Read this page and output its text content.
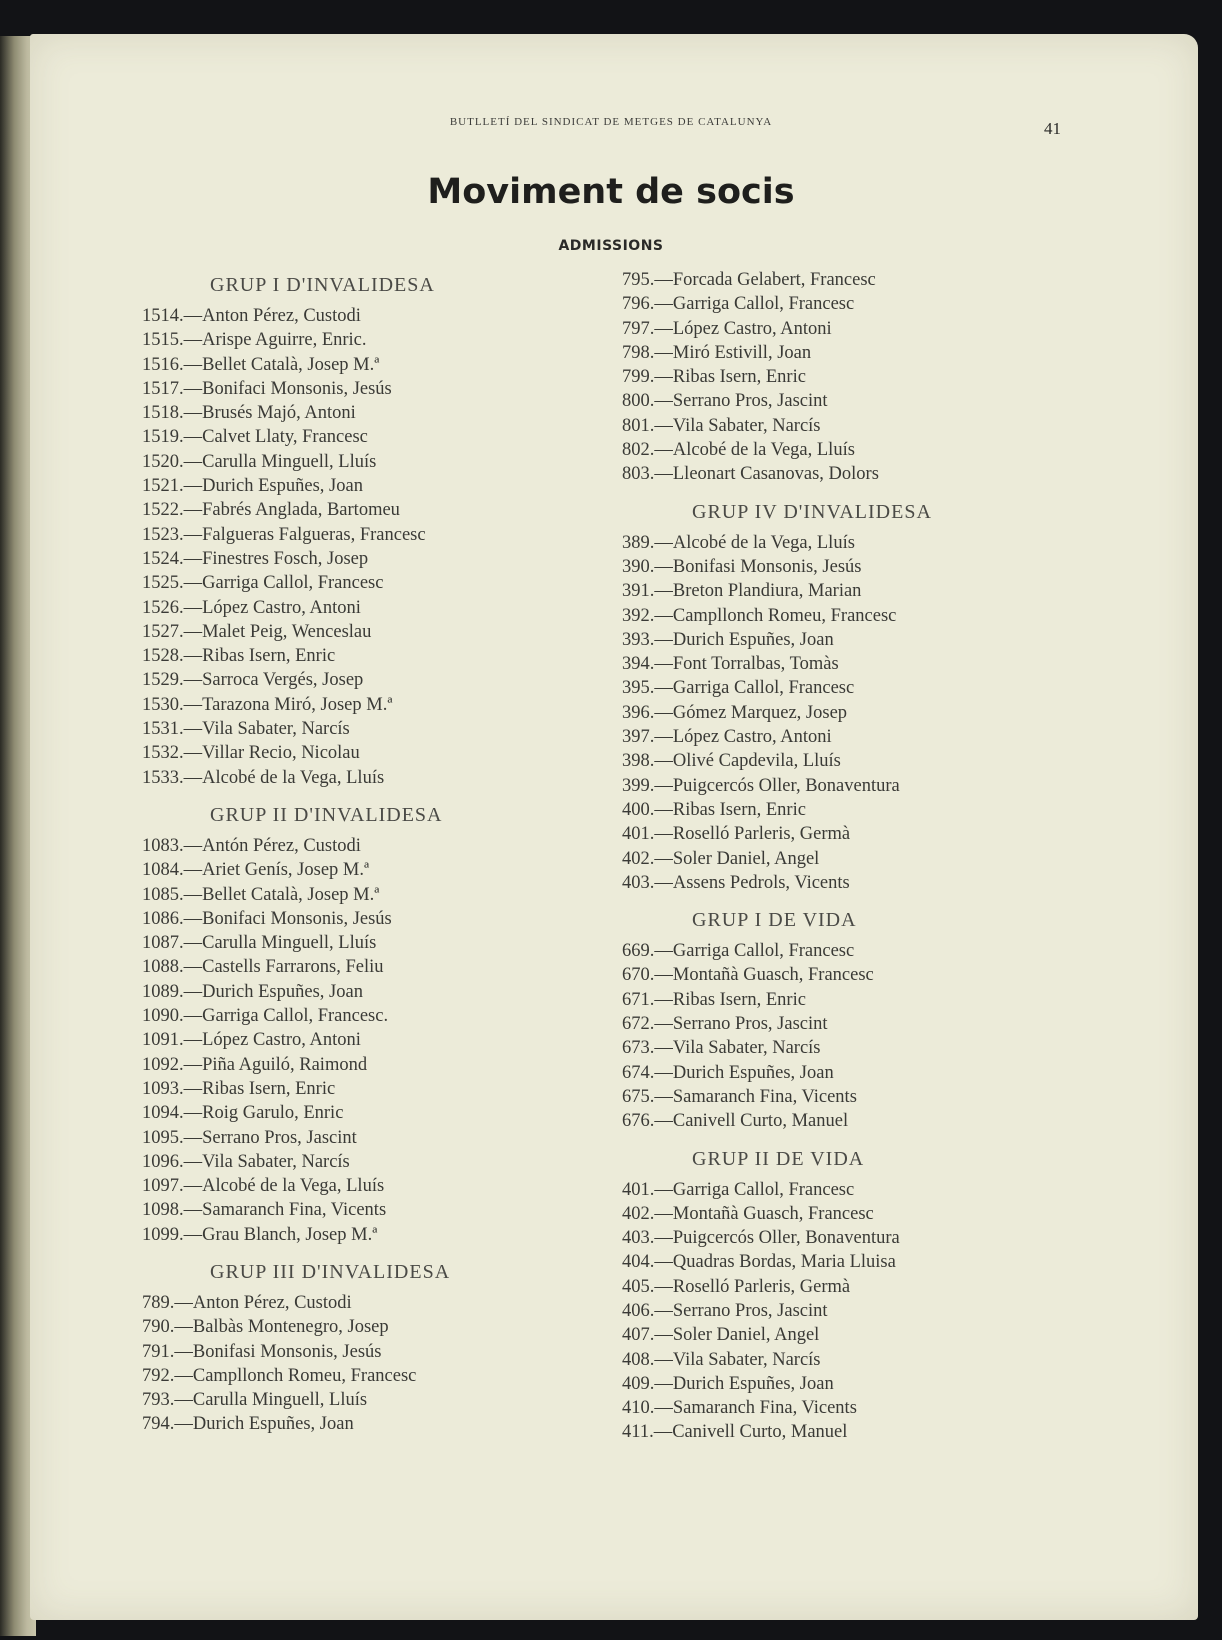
BUTLLETÍ DEL SINDICAT DE METGES DE CATALUNYA	41
Moviment de socis
ADMISSIONS
GRUP I D'INVALIDESA
1514.—Anton Pérez, Custodi
1515.—Arispe Aguirre, Enric.
1516.—Bellet Català, Josep M.ª
1517.—Bonifaci Monsonis, Jesús
1518.—Brusés Majó, Antoni
1519.—Calvet Llaty, Francesc
1520.—Carulla Minguell, Lluís
1521.—Durich Espuñes, Joan
1522.—Fabrés Anglada, Bartomeu
1523.—Falgueras Falgueras, Francesc
1524.—Finestres Fosch, Josep
1525.—Garriga Callol, Francesc
1526.—López Castro, Antoni
1527.—Malet Peig, Wenceslau
1528.—Ribas Isern, Enric
1529.—Sarroca Vergés, Josep
1530.—Tarazona Miró, Josep M.ª
1531.—Vila Sabater, Narcís
1532.—Villar Recio, Nicolau
1533.—Alcobé de la Vega, Lluís
GRUP II D'INVALIDESA
1083.—Antón Pérez, Custodi
1084.—Ariet Genís, Josep M.ª
1085.—Bellet Català, Josep M.ª
1086.—Bonifaci Monsonis, Jesús
1087.—Carulla Minguell, Lluís
1088.—Castells Farrarons, Feliu
1089.—Durich Espuñes, Joan
1090.—Garriga Callol, Francesc.
1091.—López Castro, Antoni
1092.—Piña Aguiló, Raimond
1093.—Ribas Isern, Enric
1094.—Roig Garulo, Enric
1095.—Serrano Pros, Jascint
1096.—Vila Sabater, Narcís
1097.—Alcobé de la Vega, Lluís
1098.—Samaranch Fina, Vicents
1099.—Grau Blanch, Josep M.ª
GRUP III D'INVALIDESA
789.—Anton Pérez, Custodi
790.—Balbàs Montenegro, Josep
791.—Bonifasi Monsonis, Jesús
792.—Campllonch Romeu, Francesc
793.—Carulla Minguell, Lluís
794.—Durich Espuñes, Joan
795.—Forcada Gelabert, Francesc
796.—Garriga Callol, Francesc
797.—López Castro, Antoni
798.—Miró Estivill, Joan
799.—Ribas Isern, Enric
800.—Serrano Pros, Jascint
801.—Vila Sabater, Narcís
802.—Alcobé de la Vega, Lluís
803.—Lleonart Casanovas, Dolors
GRUP IV D'INVALIDESA
389.—Alcobé de la Vega, Lluís
390.—Bonifasi Monsonis, Jesús
391.—Breton Plandiura, Marian
392.—Campllonch Romeu, Francesc
393.—Durich Espuñes, Joan
394.—Font Torralbas, Tomàs
395.—Garriga Callol, Francesc
396.—Gómez Marquez, Josep
397.—López Castro, Antoni
398.—Olivé Capdevila, Lluís
399.—Puigcercós Oller, Bonaventura
400.—Ribas Isern, Enric
401.—Roselló Parleris, Germà
402.—Soler Daniel, Angel
403.—Assens Pedrols, Vicents
GRUP I DE VIDA
669.—Garriga Callol, Francesc
670.—Montañà Guasch, Francesc
671.—Ribas Isern, Enric
672.—Serrano Pros, Jascint
673.—Vila Sabater, Narcís
674.—Durich Espuñes, Joan
675.—Samaranch Fina, Vicents
676.—Canivell Curto, Manuel
GRUP II DE VIDA
401.—Garriga Callol, Francesc
402.—Montañà Guasch, Francesc
403.—Puigcercós Oller, Bonaventura
404.—Quadras Bordas, Maria Lluisa
405.—Roselló Parleris, Germà
406.—Serrano Pros, Jascint
407.—Soler Daniel, Angel
408.—Vila Sabater, Narcís
409.—Durich Espuñes, Joan
410.—Samaranch Fina, Vicents
411.—Canivell Curto, Manuel
